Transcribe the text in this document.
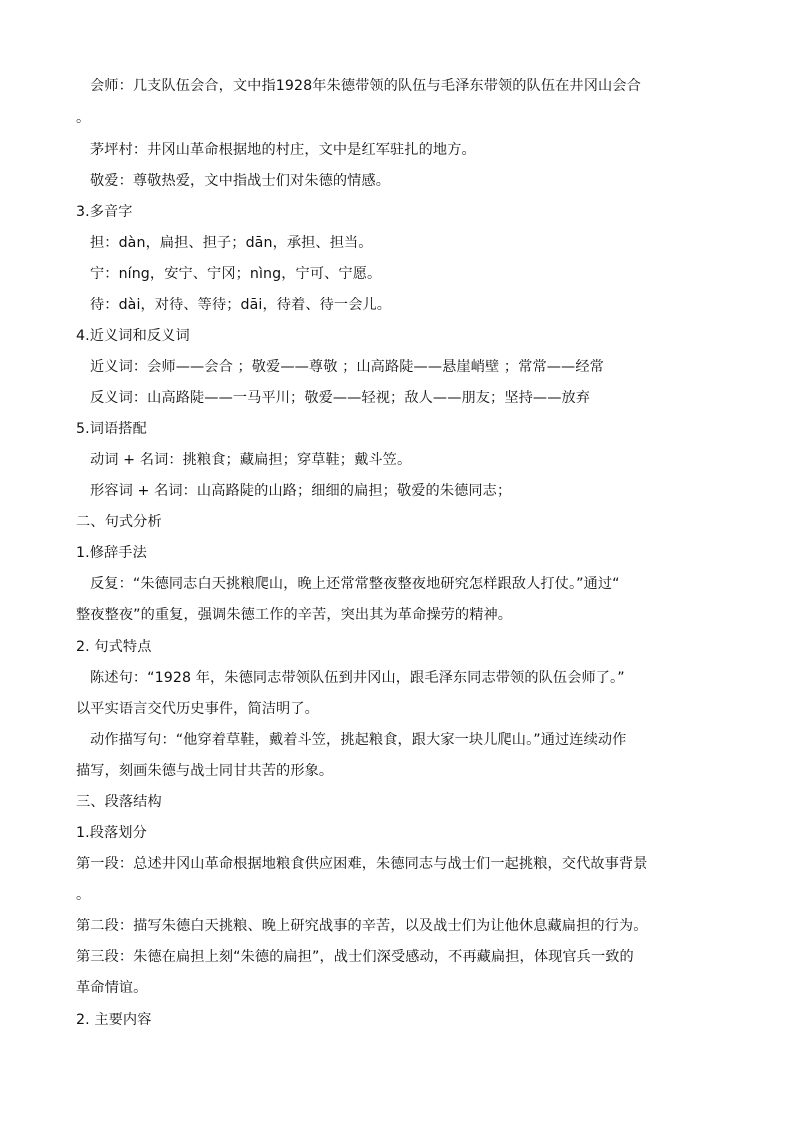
会师：几支队伍会合，文中指1928年朱德带领的队伍与毛泽东带领的队伍在井冈山会合
。
茅坪村：井冈山革命根据地的村庄，文中是红军驻扎的地方。
敬爱：尊敬热爱，文中指战士们对朱德的情感。
3.多音字
担：dàn，扁担、担子；dān，承担、担当。
宁：níng，安宁、宁冈；nìng，宁可、宁愿。
待：dài，对待、等待；dāi，待着、待一会儿。
4.近义词和反义词
近义词：会师——会合 ；敬爱——尊敬 ；山高路陡——悬崖峭壁 ；常常——经常
反义词：山高路陡——一马平川；敬爱——轻视；敌人——朋友；坚持——放弃
5.词语搭配
动词 + 名词：挑粮食；藏扁担；穿草鞋；戴斗笠。
形容词 + 名词：山高路陡的山路；细细的扁担；敬爱的朱德同志；
二、句式分析
1.修辞手法
反复：“朱德同志白天挑粮爬山，晚上还常常整夜整夜地研究怎样跟敌人打仗。”通过“
整夜整夜”的重复，强调朱德工作的辛苦，突出其为革命操劳的精神。
2. 句式特点
陈述句：“1928 年，朱德同志带领队伍到井冈山，跟毛泽东同志带领的队伍会师了。”
以平实语言交代历史事件，简洁明了。
动作描写句：“他穿着草鞋，戴着斗笠，挑起粮食，跟大家一块儿爬山。”通过连续动作
描写，刻画朱德与战士同甘共苦的形象。
三、段落结构
1.段落划分
第一段：总述井冈山革命根据地粮食供应困难，朱德同志与战士们一起挑粮，交代故事背景
。
第二段：描写朱德白天挑粮、晚上研究战事的辛苦，以及战士们为让他休息藏扁担的行为。
第三段：朱德在扁担上刻“朱德的扁担”，战士们深受感动，不再藏扁担，体现官兵一致的
革命情谊。
2. 主要内容
